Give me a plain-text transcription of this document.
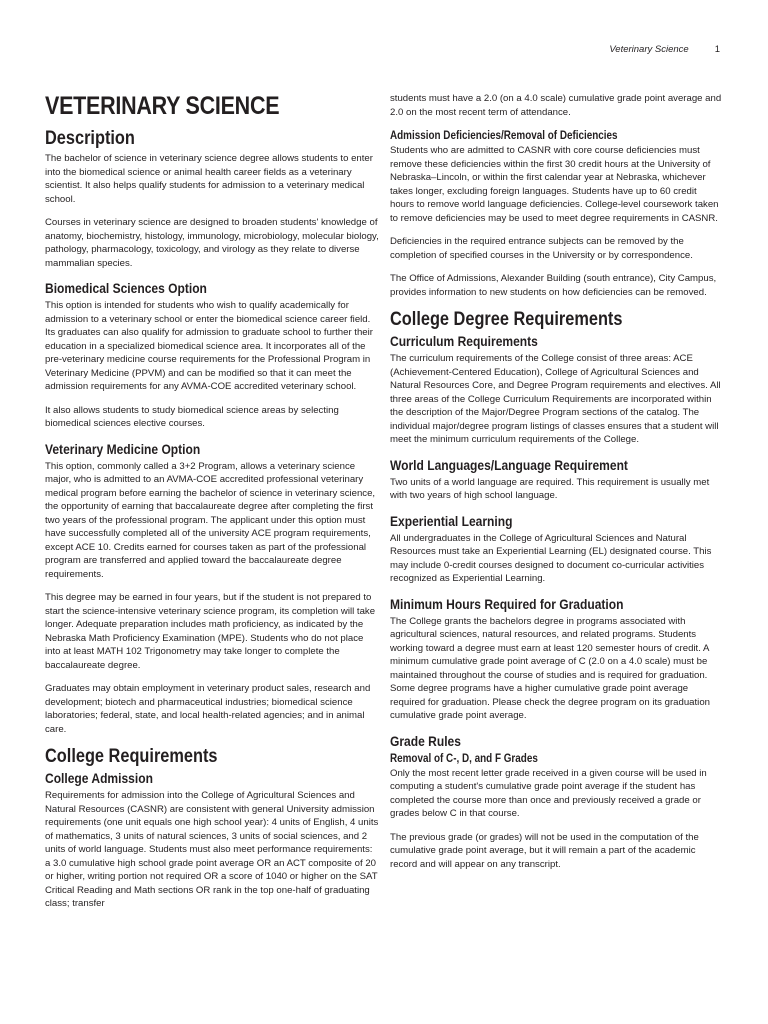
Veterinary Science	1
VETERINARY SCIENCE
Description

The bachelor of science in veterinary science degree allows students to enter into the biomedical science or animal health career fields as a veterinary scientist. It also helps qualify students for admission to a veterinary medical school.

Courses in veterinary science are designed to broaden students' knowledge of anatomy, biochemistry, histology, immunology, microbiology, molecular biology, pathology, pharmacology, toxicology, and virology as they relate to diverse mammalian species.

Biomedical Sciences Option

This option is intended for students who wish to qualify academically for admission to a veterinary school or enter the biomedical science career field. Its graduates can also qualify for admission to graduate school to further their education in a specialized biomedical science area. It incorporates all of the pre-veterinary medicine course requirements for the Professional Program in Veterinary Medicine (PPVM) and can be modified so that it can meet the admission requirements for any AVMA-COE accredited veterinary school.

It also allows students to study biomedical science areas by selecting biomedical sciences elective courses.

Veterinary Medicine Option

This option, commonly called a 3+2 Program, allows a veterinary science major, who is admitted to an AVMA-COE accredited professional veterinary medical program before earning the bachelor of science in veterinary science, the opportunity of earning that baccalaureate degree after completing the first two years of the professional program. The applicant under this option must have successfully completed all of the university ACE program requirements, except ACE 10. Credits earned for courses taken as part of the professional program are transferred and applied toward the baccalaureate degree requirements.

This degree may be earned in four years, but if the student is not prepared to start the science-intensive veterinary science program, its completion will take longer. Adequate preparation includes math proficiency, as indicated by the Nebraska Math Proficiency Examination (MPE). Students who do not place into at least MATH 102 Trigonometry may take longer to complete the baccalaureate degree.

Graduates may obtain employment in veterinary product sales, research and development; biotech and pharmaceutical industries; biomedical science laboratories; federal, state, and local health-related agencies; and in animal care.

College Requirements
College Admission

Requirements for admission into the College of Agricultural Sciences and Natural Resources (CASNR) are consistent with general University admission requirements (one unit equals one high school year): 4 units of English, 4 units of mathematics, 3 units of natural sciences, 3 units of social sciences, and 2 units of world language. Students must also meet performance requirements: a 3.0 cumulative high school grade point average OR an ACT composite of 20 or higher, writing portion not required OR a score of 1040 or higher on the SAT Critical Reading and Math sections OR rank in the top one-half of graduating class; transfer

students must have a 2.0 (on a 4.0 scale) cumulative grade point average and 2.0 on the most recent term of attendance.

Admission Deficiencies/Removal of Deficiencies

Students who are admitted to CASNR with core course deficiencies must remove these deficiencies within the first 30 credit hours at the University of Nebraska–Lincoln, or within the first calendar year at Nebraska, whichever takes longer, excluding foreign languages. Students have up to 60 credit hours to remove world language deficiencies. College-level coursework taken to remove deficiencies may be used to meet degree requirements in CASNR.

Deficiencies in the required entrance subjects can be removed by the completion of specified courses in the University or by correspondence.

The Office of Admissions, Alexander Building (south entrance), City Campus, provides information to new students on how deficiencies can be removed.

College Degree Requirements
Curriculum Requirements

The curriculum requirements of the College consist of three areas: ACE (Achievement-Centered Education), College of Agricultural Sciences and Natural Resources Core, and Degree Program requirements and electives. All three areas of the College Curriculum Requirements are incorporated within the description of the Major/Degree Program sections of the catalog. The individual major/degree program listings of classes ensures that a student will meet the minimum curriculum requirements of the College.

World Languages/Language Requirement

Two units of a world language are required. This requirement is usually met with two years of high school language.

Experiential Learning

All undergraduates in the College of Agricultural Sciences and Natural Resources must take an Experiential Learning (EL) designated course. This may include 0-credit courses designed to document co-curricular activities recognized as Experiential Learning.

Minimum Hours Required for Graduation

The College grants the bachelors degree in programs associated with agricultural sciences, natural resources, and related programs. Students working toward a degree must earn at least 120 semester hours of credit. A minimum cumulative grade point average of C (2.0 on a 4.0 scale) must be maintained throughout the course of studies and is required for graduation. Some degree programs have a higher cumulative grade point average required for graduation. Please check the degree program on its graduation cumulative grade point average.

Grade Rules
Removal of C-, D, and F Grades

Only the most recent letter grade received in a given course will be used in computing a student's cumulative grade point average if the student has completed the course more than once and previously received a grade or grades below C in that course.

The previous grade (or grades) will not be used in the computation of the cumulative grade point average, but it will remain a part of the academic record and will appear on any transcript.
